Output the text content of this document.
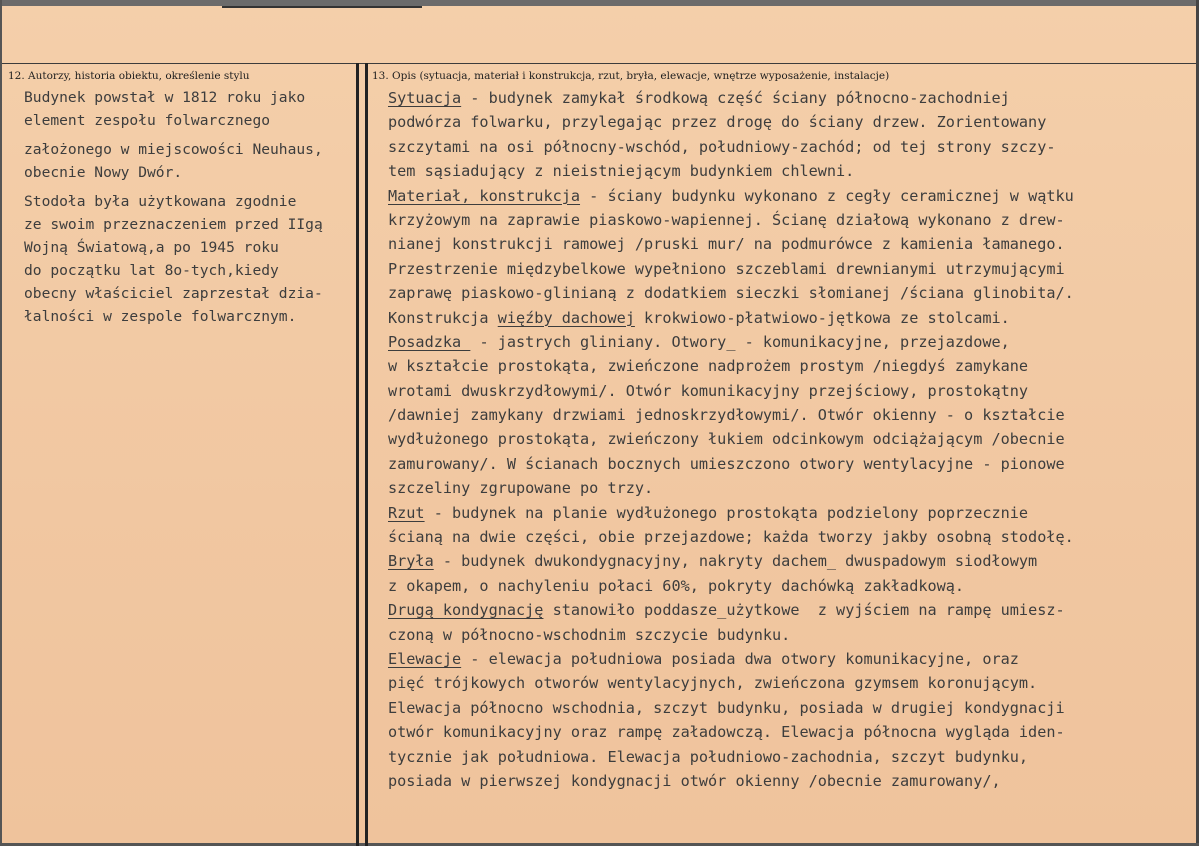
12. Autorzy, historia obiektu, określenie stylu	13. Opis (sytuacja, materiał i konstrukcja, rzut, bryła, elewacje, wnętrze wyposażenie, instalacje)
Budynek powstał w 1812 roku jako
element zespołu folwarcznego
założonego w miejscowości Neuhaus,
obecnie Nowy Dwór.
Stodoła była użytkowana zgodnie
ze swoim przeznaczeniem przed IIgą
Wojną Światową,a po 1945 roku
do początku lat 8o-tych,kiedy
obecny właściciel zaprzestał dzia-
łalności w zespole folwarcznym.
Sytuacja - budynek zamykał środkową część ściany północno-zachodniej
podwórza folwarku, przylegając przez drogę do ściany drzew. Zorientowany
szczytami na osi północny-wschód, południowy-zachód; od tej strony szczy-
tem sąsiadujący z nieistniejącym budynkiem chlewni.
Materiał, konstrukcja - ściany budynku wykonano z cegły ceramicznej w wątku
krzyżowym na zaprawie piaskowo-wapiennej. Ścianę działową wykonano z drew-
nianej konstrukcji ramowej /pruski mur/ na podmurówce z kamienia łamanego.
Przestrzenie międzybelkowe wypełniono szczeblami drewnianymi utrzymującymi
zaprawę piaskowo-glinianą z dodatkiem sieczki słomianej /ściana glinobita/.
Konstrukcja więźby dachowej krokwiowo-płatwiowo-jętkowa ze stolcami.
Posadzka_ - jastrych gliniany. Otwory_ - komunikacyjne, przejazdowe,
w kształcie prostokąta, zwieńczone nadprożem prostym /niegdyś zamykane
wrotami dwuskrzydłowymi/. Otwór komunikacyjny przejściowy, prostokątny
/dawniej zamykany drzwiami jednoskrzydłowymi/. Otwór okienny - o kształcie
wydłużonego prostokąta, zwieńczony łukiem odcinkowym odciążającym /obecnie
zamurowany/. W ścianach bocznych umieszczono otwory wentylacyjne - pionowe
szczeliny zgrupowane po trzy.
Rzut - budynek na planie wydłużonego prostokąta podzielony poprzecznie
ścianą na dwie części, obie przejazdowe; każda tworzy jakby osobną stodołę.
Bryła - budynek dwukondygnacyjny, nakryty dachem_ dwuspadowym siodłowym
z okapem, o nachyleniu połaci 60%, pokryty dachówką zakładkową.
Drugą kondygnację stanowiło poddasze_użytkowe  z wyjściem na rampę umiesz-
czoną w północno-wschodnim szczycie budynku.
Elewacje - elewacja południowa posiada dwa otwory komunikacyjne, oraz
pięć trójkowych otworów wentylacyjnych, zwieńczona gzymsem koronującym.
Elewacja północno wschodnia, szczyt budynku, posiada w drugiej kondygnacji
otwór komunikacyjny oraz rampę załadowczą. Elewacja północna wygląda iden-
tycznie jak południowa. Elewacja południowo-zachodnia, szczyt budynku,
posiada w pierwszej kondygnacji otwór okienny /obecnie zamurowany/,
